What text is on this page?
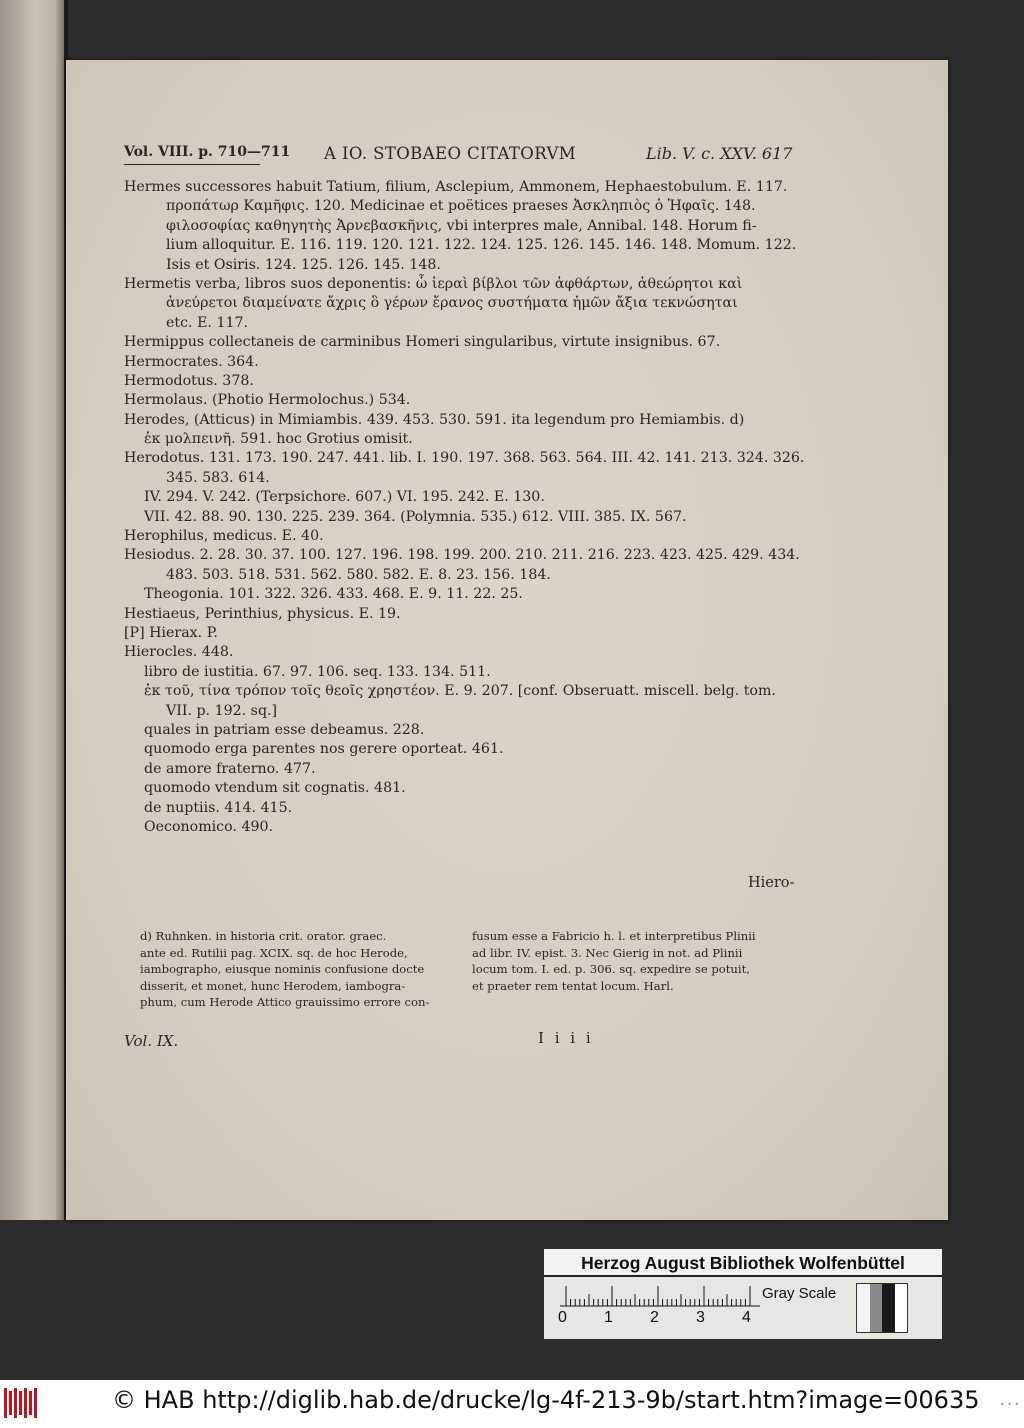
Vol. VIII. p. 710—711 A IO. STOBAEO CITATORVM	Lib. V. c. XXV. 617
Hermes successores habuit Tatium, filium, Asclepium, Ammonem, Hephaestobulum. E. 117.
προπάτωρ Καμῆφις. 120. Medicinae et poëtices praeses Ἀσκληπιὸς ὁ Ἡφαῖς. 148.
φιλοσοφίας καθηγητὴς Ἀρνεβασκῆνις, vbi interpres male, Annibal. 148. Horum fi-
lium alloquitur. E. 116. 119. 120. 121. 122. 124. 125. 126. 145. 146. 148. Momum. 122.
Isis et Osiris. 124. 125. 126. 145. 148.
Hermetis verba, libros suos deponentis: ὦ ἱεραὶ βίβλοι τῶν ἀφθάρτων, ἀθεώρητοι καὶ
ἀνεύρετοι διαμείνατε ἄχρις ὃ γέρων ἔρανος συστήματα ἡμῶν ἄξια τεκνώσηται
etc. E. 117.
Hermippus collectaneis de carminibus Homeri singularibus, virtute insignibus. 67.
Hermocrates. 364.
Hermodotus. 378.
Hermolaus. (Photio Hermolochus.) 534.
Herodes, (Atticus) in Mimiambis. 439. 453. 530. 591. ita legendum pro Hemiambis. d)
ἐκ μολπεινῆ. 591. hoc Grotius omisit.
Herodotus. 131. 173. 190. 247. 441. lib. I. 190. 197. 368. 563. 564. III. 42. 141. 213. 324. 326.
345. 583. 614.
IV. 294. V. 242. (Terpsichore. 607.) VI. 195. 242. E. 130.
VII. 42. 88. 90. 130. 225. 239. 364. (Polymnia. 535.) 612. VIII. 385. IX. 567.
Herophilus, medicus. E. 40.
Hesiodus. 2. 28. 30. 37. 100. 127. 196. 198. 199. 200. 210. 211. 216. 223. 423. 425. 429. 434.
483. 503. 518. 531. 562. 580. 582. E. 8. 23. 156. 184.
Theogonia. 101. 322. 326. 433. 468. E. 9. 11. 22. 25.
Hestiaeus, Perinthius, physicus. E. 19.
[P] Hierax. P.
Hierocles. 448.
libro de iustitia. 67. 97. 106. seq. 133. 134. 511.
ἐκ τοῦ, τίνα τρόπον τοῖς θεοῖς χρηστέον. E. 9. 207. [conf. Obseruatt. miscell. belg. tom.
VII. p. 192. sq.]
quales in patriam esse debeamus. 228.
quomodo erga parentes nos gerere oporteat. 461.
de amore fraterno. 477.
quomodo vtendum sit cognatis. 481.
de nuptiis. 414. 415.
Oeconomico. 490.
Hiero-
d) Ruhnken. in historia crit. orator. graec.
ante ed. Rutilii pag. XCIX. sq. de hoc Herode,
iambographo, eiusque nominis confusione docte
disserit, et monet, hunc Herodem, iambogra-
phum, cum Herode Attico grauissimo errore con-
fusum esse a Fabricio h. l. et interpretibus Plinii
ad libr. IV. epist. 3. Nec Gierig in not. ad Plinii
locum tom. I. ed. p. 306. sq. expedire se potuit,
et praeter rem tentat locum. Harl.
Vol. IX.	I i i i
Herzog August Bibliothek Wolfenbüttel
0 1 2 3 4
Gray Scale
© HAB http://diglib.hab.de/drucke/lg-4f-213-9b/start.htm?image=00635	• • •
